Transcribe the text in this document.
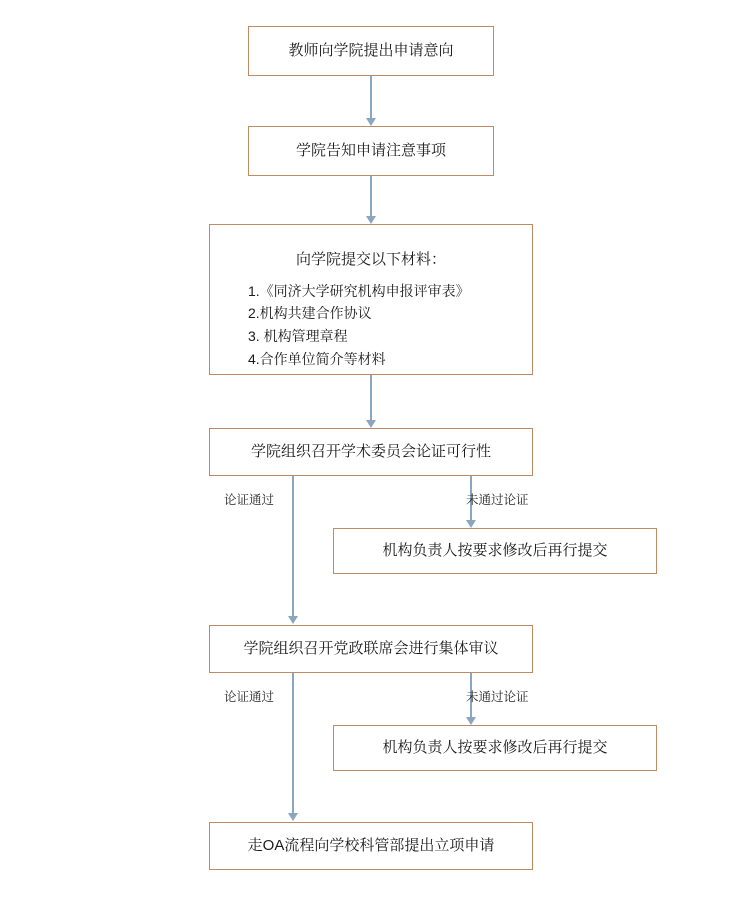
教师向学院提出申请意向
学院告知申请注意事项
向学院提交以下材料：
1.《同济大学研究机构申报评审表》
2.机构共建合作协议
3. 机构管理章程
4.合作单位简介等材料
学院组织召开学术委员会论证可行性
论证通过	未通过论证
机构负责人按要求修改后再行提交
学院组织召开党政联席会进行集体审议
论证通过	未通过论证
机构负责人按要求修改后再行提交
走OA流程向学校科管部提出立项申请
